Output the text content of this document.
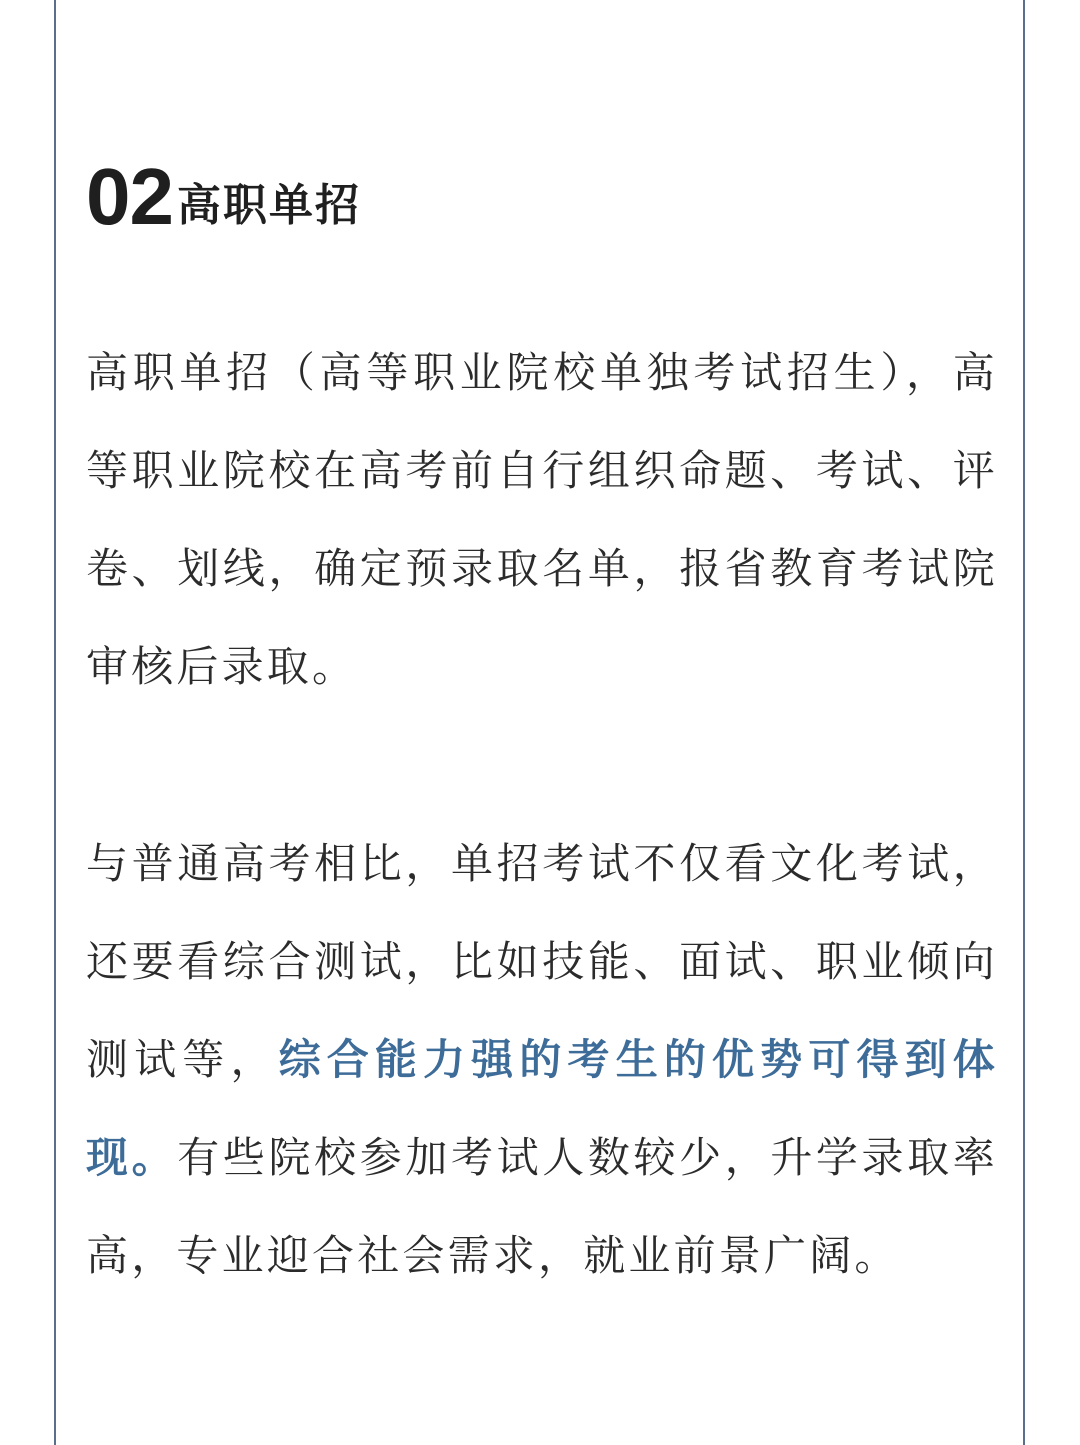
02 高职单招

高职单招（高等职业院校单独考试招生），高等职业院校在高考前自行组织命题、考试、评卷、划线，确定预录取名单，报省教育考试院审核后录取。

与普通高考相比，单招考试不仅看文化考试，还要看综合测试，比如技能、面试、职业倾向测试等，综合能力强的考生的优势可得到体现。有些院校参加考试人数较少，升学录取率高，专业迎合社会需求，就业前景广阔。
